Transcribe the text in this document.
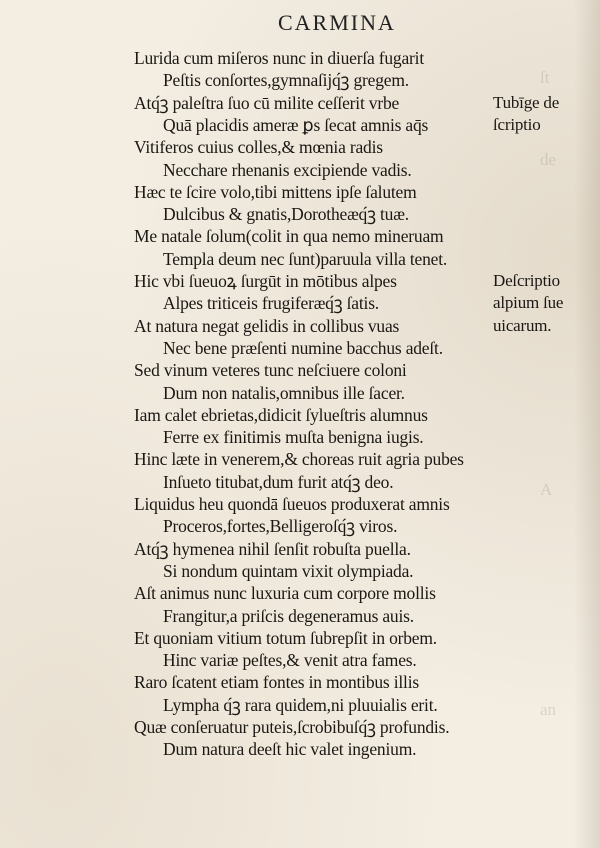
CARMINA
ſt
de
A
an
Lurida cum miſeros nunc in diuerſa fugarit
Peſtis conſortes,gymnaſijq́ꝫ gregem.
Atq́ꝫ paleſtra ſuo cū milite ceſſerit vrbe
Quā placidis ameræ ꝑs ſecat amnis aq̄s
Vitiferos cuius colles,& mœnia radis
Necchare rhenanis excipiende vadis.
Hæc te ſcire volo,tibi mittens ipſe ſalutem
Dulcibus & gnatis,Dorotheæq́ꝫ tuæ.
Me natale ſolum(colit in qua nemo mineruam
Templa deum nec ſunt)paruula villa tenet.
Hic vbi ſueuoꝝ ſurgūt in mōtibus alpes
Alpes triticeis frugiferæq́ꝫ ſatis.
At natura negat gelidis in collibus vuas
Nec bene præſenti numine bacchus adeſt.
Sed vinum veteres tunc neſciuere coloni
Dum non natalis,omnibus ille ſacer.
Iam calet ebrietas,didicit ſylueſtris alumnus
Ferre ex finitimis muſta benigna iugis.
Hinc læte in venerem,& choreas ruit agria pubes
Inſueto titubat,dum furit atq́ꝫ deo.
Liquidus heu quondā ſueuos produxerat amnis
Proceros,fortes,Belligeroſq́ꝫ viros.
Atq́ꝫ hymenea nihil ſenſit robuſta puella.
Si nondum quintam vixit olympiada.
Aſt animus nunc luxuria cum corpore mollis
Frangitur,a priſcis degeneramus auis.
Et quoniam vitium totum ſubrepſit in orbem.
Hinc variæ peſtes,& venit atra fames.
Raro ſcatent etiam fontes in montibus illis
Lympha q́ꝫ rara quidem,ni pluuialis erit.
Quæ conſeruatur puteis,ſcrobibuſq́ꝫ profundis.
Dum natura deeſt hic valet ingenium.
Tubīge de
ſcriptio
Deſcriptio
alpium ſue
uicarum.
